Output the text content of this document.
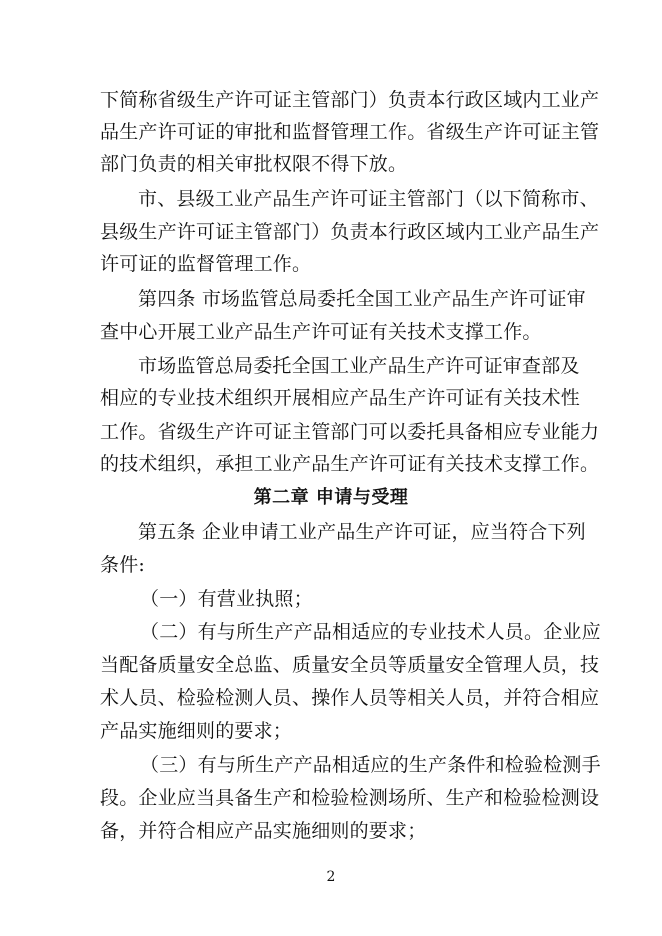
下简称省级生产许可证主管部门）负责本行政区域内工业产
品生产许可证的审批和监督管理工作。省级生产许可证主管
部门负责的相关审批权限不得下放。
市、县级工业产品生产许可证主管部门（以下简称市、
县级生产许可证主管部门）负责本行政区域内工业产品生产
许可证的监督管理工作。
第四条 市场监管总局委托全国工业产品生产许可证审
查中心开展工业产品生产许可证有关技术支撑工作。
市场监管总局委托全国工业产品生产许可证审查部及
相应的专业技术组织开展相应产品生产许可证有关技术性
工作。省级生产许可证主管部门可以委托具备相应专业能力
的技术组织，承担工业产品生产许可证有关技术支撑工作。
第二章 申请与受理
第五条 企业申请工业产品生产许可证，应当符合下列
条件:
（一）有营业执照；
（二）有与所生产产品相适应的专业技术人员。企业应
当配备质量安全总监、质量安全员等质量安全管理人员，技
术人员、检验检测人员、操作人员等相关人员，并符合相应
产品实施细则的要求；
（三）有与所生产产品相适应的生产条件和检验检测手
段。企业应当具备生产和检验检测场所、生产和检验检测设
备，并符合相应产品实施细则的要求；
2
